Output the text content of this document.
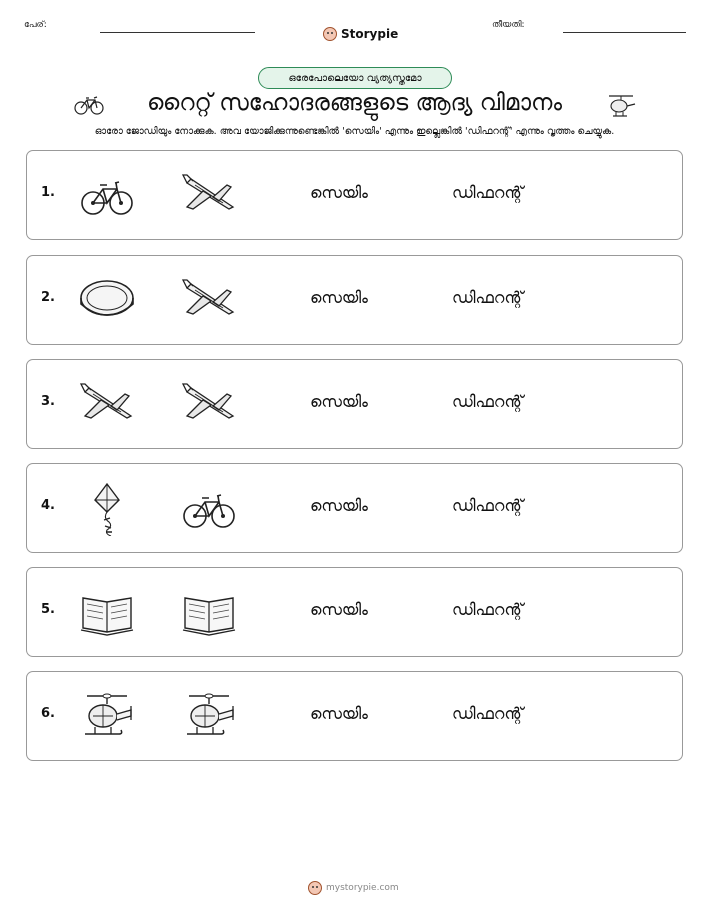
പേര്:
Storypie
തീയതി:
ഒരേപോലെയോ വ്യത്യസ്തമോ
റൈറ്റ് സഹോദരങ്ങളുടെ ആദ്യ വിമാനം
ഓരോ ജോഡിയും നോക്കുക. അവ യോജിക്കുന്നുണ്ടെങ്കിൽ 'സെയിം' എന്നും ഇല്ലെങ്കിൽ 'ഡിഫറന്റ്' എന്നും വൃത്തം ചെയ്യുക.
1.	സെയിം	ഡിഫറന്റ്
2.	സെയിം	ഡിഫറന്റ്
3.	സെയിം	ഡിഫറന്റ്
4.	സെയിം	ഡിഫറന്റ്
5.	സെയിം	ഡിഫറന്റ്
6.	സെയിം	ഡിഫറന്റ്
mystorypie.com
